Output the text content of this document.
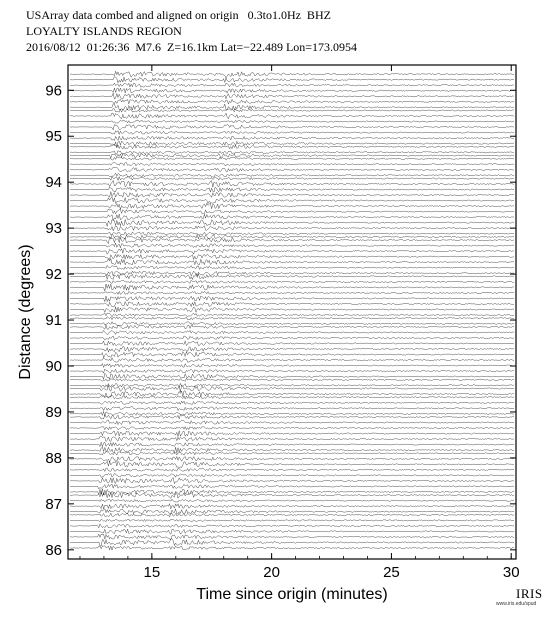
USArray data combed and aligned on origin   0.3to1.0Hz  BHZ
LOYALTY ISLANDS REGION
2016/08/12  01:26:36  M7.6  Z=16.1km Lat=−22.489 Lon=173.0954
15	20	25	30
86
87
88
89
90
91
92
93
94
95
96
Time since origin (minutes)
Distance (degrees)
IRIS
www.iris.edu/spud
